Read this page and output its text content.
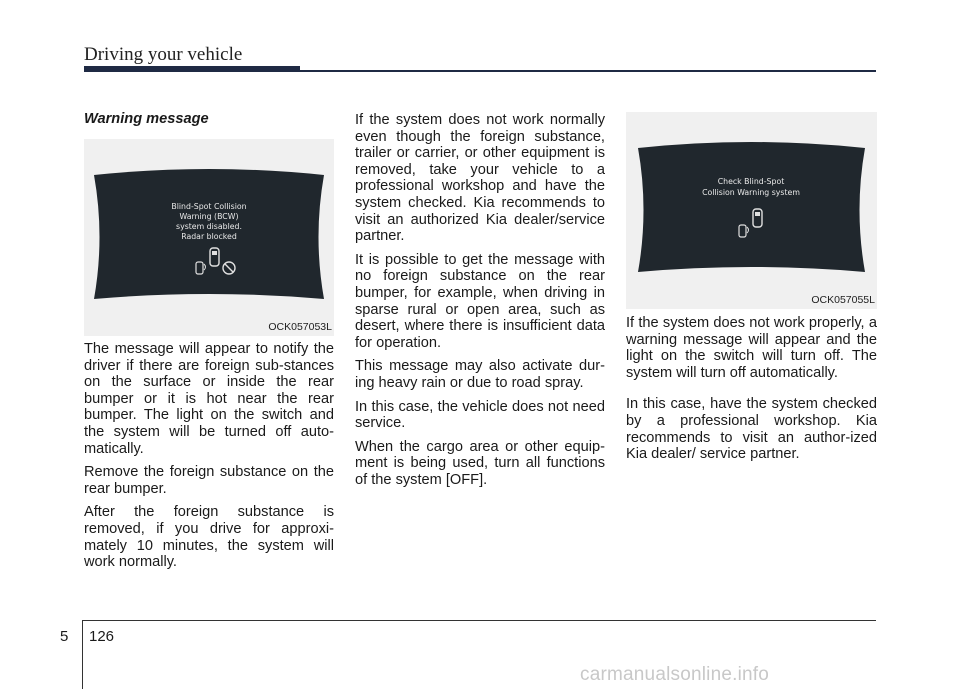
Driving your vehicle
Warning message
Blind-Spot Collision
Warning (BCW)
system disabled.
Radar blocked
OCK057053L

The message will appear to notify the driver if there are foreign sub-stances on the surface or inside the rear bumper or it is hot near the rear bumper. The light on the switch and the system will be turned off auto-matically.

Remove the foreign substance on the rear bumper.

After the foreign substance is removed, if you drive for approxi-mately 10 minutes, the system will work normally.

If the system does not work normally even though the foreign substance, trailer or carrier, or other equipment is removed, take your vehicle to a professional workshop and have the system checked. Kia recommends to visit an authorized Kia dealer/service partner.

It is possible to get the message with no foreign substance on the rear bumper, for example, when driving in sparse rural or open area, such as desert, where there is insufficient data for operation.

This message may also activate dur-ing heavy rain or due to road spray.

In this case, the vehicle does not need service.

When the cargo area or other equip-ment is being used, turn all functions of the system [OFF].

Check Blind-Spot
Collision Warning system
OCK057055L

If the system does not work properly, a warning message will appear and the light on the switch will turn off. The system will turn off automatically.

In this case, have the system checked by a professional workshop. Kia recommends to visit an author-ized Kia dealer/ service partner.

5 126
carmanualsonline.info
